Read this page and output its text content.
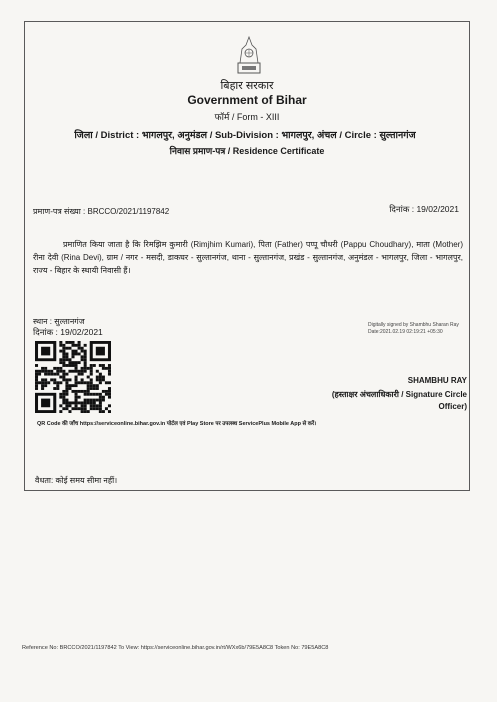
बिहार सरकार
Government of Bihar
फॉर्म / Form - XIII
जिला / District : भागलपुर, अनुमंडल / Sub-Division : भागलपुर, अंचल / Circle : सुल्तानगंज
निवास प्रमाण-पत्र / Residence Certificate
प्रमाण-पत्र संख्या : BRCCO/2021/1197842	दिनांक : 19/02/2021
प्रमाणित किया जाता है कि रिमझिम कुमारी (Rimjhim Kumari), पिता (Father) पप्पू चौधरी (Pappu Choudhary), माता (Mother) रीना देवी (Rina Devi), ग्राम / नगर - मसदी, डाकघर - सुल्तानगंज, थाना - सुल्तानगंज, प्रखंड - सुल्तानगंज, अनुमंडल - भागलपुर, जिला - भागलपुर, राज्य - बिहार के स्थायी निवासी हैं।
स्थान : सुल्तानगंज
दिनांक : 19/02/2021
Digitally signed by Shambhu Sharan Ray
Date:2021.02.19 02:19:21 +05:30
SHAMBHU RAY
(हस्ताक्षर अंचलाधिकारी / Signature Circle Officer)
QR Code की जाँच https://serviceonline.bihar.gov.in पोर्टल एवं Play Store पर उपलब्ध ServicePlus Mobile App से करें।
वैधता: कोई समय सीमा नहीं।
Reference No: BRCCO/2021/1197842 To View: https://serviceonline.bihar.gov.in/rt/WXx6b/79E5A8C8 Token No: 79E5A8C8
